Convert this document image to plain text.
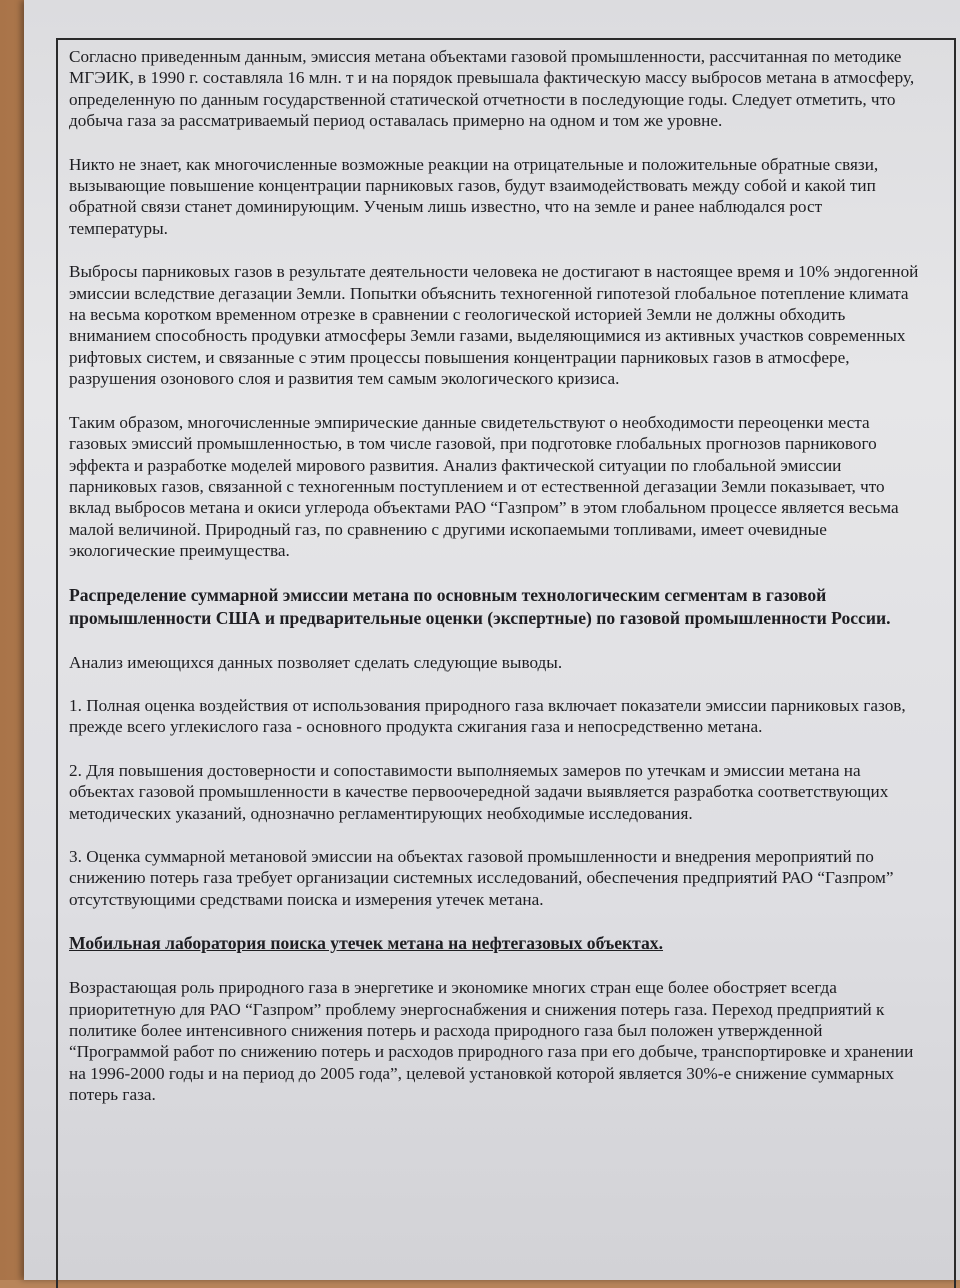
Согласно приведенным данным, эмиссия метана объектами газовой промышленности, рассчитанная по методике МГЭИК, в 1990 г. составляла 16 млн. т и на порядок превышала фактическую массу выбросов метана в атмосферу, определенную по данным государственной статической отчетности в последующие годы. Следует отметить, что добыча газа за рассматриваемый период оставалась примерно на одном и том же уровне.

Никто не знает, как многочисленные возможные реакции на отрицательные и положительные обратные связи, вызывающие повышение концентрации парниковых газов, будут взаимодействовать между собой и какой тип обратной связи станет доминирующим. Ученым лишь известно, что на земле и ранее наблюдался рост температуры.

Выбросы парниковых газов в результате деятельности человека не достигают в настоящее время и 10% эндогенной эмиссии вследствие дегазации Земли. Попытки объяснить техногенной гипотезой глобальное потепление климата на весьма коротком временном отрезке в сравнении с геологической историей Земли не должны обходить вниманием способность продувки атмосферы Земли газами, выделяющимися из активных участков современных рифтовых систем, и связанные с этим процессы повышения концентрации парниковых газов в атмосфере, разрушения озонового слоя и развития тем самым экологического кризиса.

Таким образом, многочисленные эмпирические данные свидетельствуют о необходимости переоценки места газовых эмиссий промышленностью, в том числе газовой, при подготовке глобальных прогнозов парникового эффекта и разработке моделей мирового развития. Анализ фактической ситуации по глобальной эмиссии парниковых газов, связанной с техногенным поступлением и от естественной дегазации Земли показывает, что вклад выбросов метана и окиси углерода объектами РАО “Газпром” в этом глобальном процессе является весьма малой величиной. Природный газ, по сравнению с другими ископаемыми топливами, имеет очевидные экологические преимущества.

Распределение суммарной эмиссии метана по основным технологическим сегментам в газовой промышленности США и предварительные оценки (экспертные) по газовой промышленности России.

Анализ имеющихся данных позволяет сделать следующие выводы.

1. Полная оценка воздействия от использования природного газа включает показатели эмиссии парниковых газов, прежде всего углекислого газа - основного продукта сжигания газа и непосредственно метана.

2. Для повышения достоверности и сопоставимости выполняемых замеров по утечкам и эмиссии метана на объектах газовой промышленности в качестве первоочередной задачи выявляется разработка соответствующих методических указаний, однозначно регламентирующих необходимые исследования.

3. Оценка суммарной метановой эмиссии на объектах газовой промышленности и внедрения мероприятий по снижению потерь газа требует организации системных исследований, обеспечения предприятий РАО “Газпром” отсутствующими средствами поиска и измерения утечек метана.

Мобильная лаборатория поиска утечек метана на нефтегазовых объектах.

Возрастающая роль природного газа в энергетике и экономике многих стран еще более обостряет всегда приоритетную для РАО “Газпром” проблему энергоснабжения и снижения потерь газа. Переход предприятий к политике более интенсивного снижения потерь и расхода природного газа был положен утвержденной “Программой работ по снижению потерь и расходов природного газа при его добыче, транспортировке и хранении на 1996-2000 годы и на период до 2005 года”, целевой установкой которой является 30%-е снижение суммарных потерь газа.
